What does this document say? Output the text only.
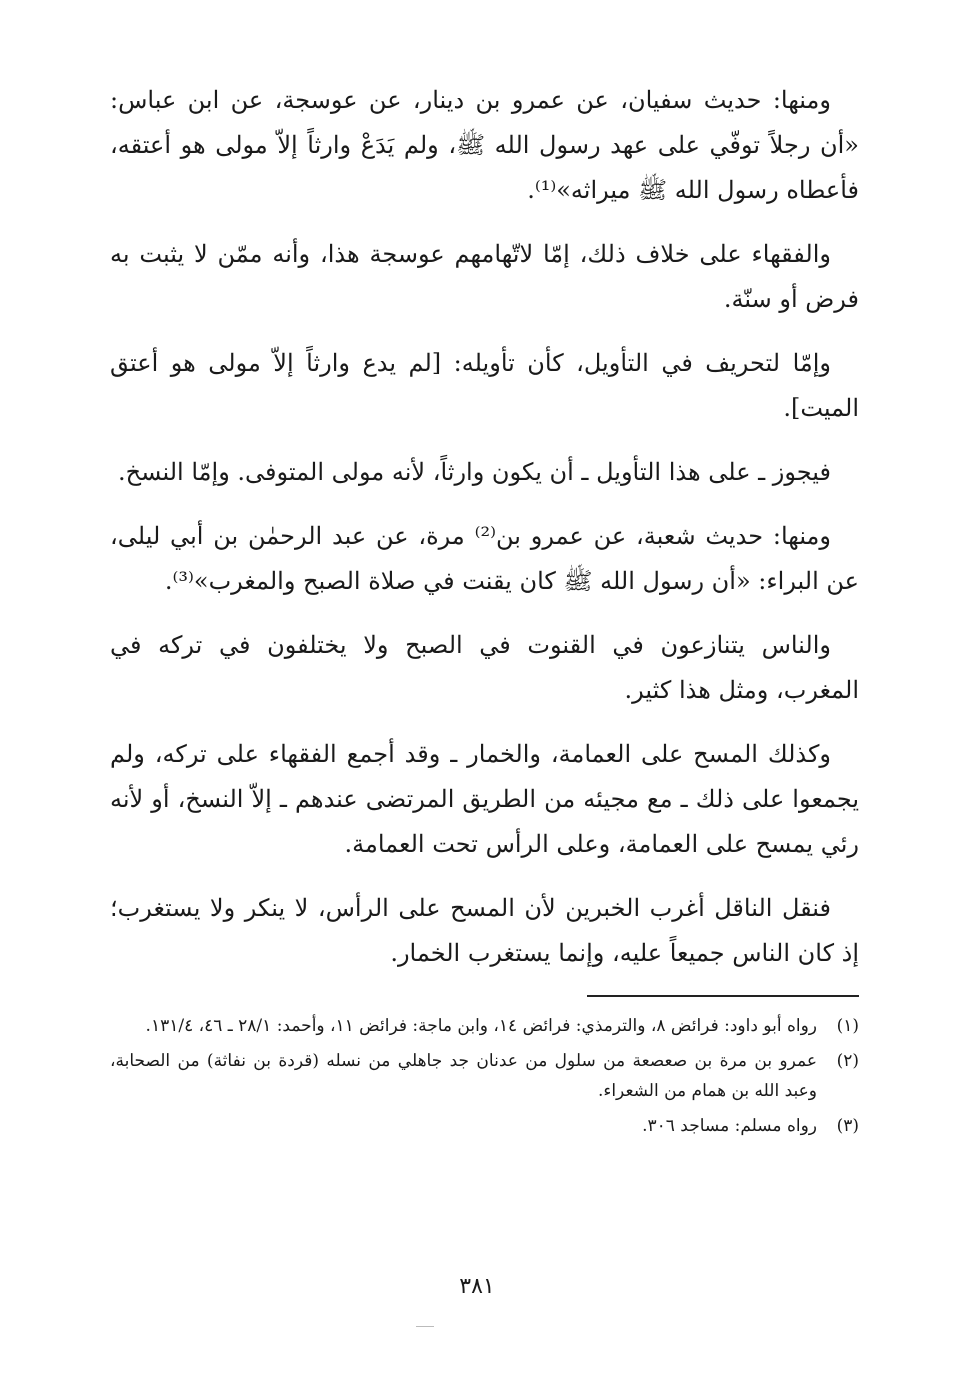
ومنها: حديث سفيان، عن عمرو بن دينار، عن عوسجة، عن ابن عباس: «أن رجلاً توفّي على عهد رسول الله ﷺ، ولم يَدَعْ وارثاً إلاّ مولى هو أعتقه، فأعطاه رسول الله ﷺ ميراثه»⁽¹⁾.

والفقهاء على خلاف ذلك، إمّا لاتّهامهم عوسجة هذا، وأنه ممّن لا يثبت به فرض أو سنّة.

وإمّا لتحريف في التأويل، كأن تأويله: [لم يدع وارثاً إلاّ مولى هو أعتق الميت].

فيجوز ـ على هذا التأويل ـ أن يكون وارثاً، لأنه مولى المتوفى. وإمّا النسخ.

ومنها: حديث شعبة، عن عمرو بن⁽²⁾ مرة، عن عبد الرحمٰن بن أبي ليلى، عن البراء: «أن رسول الله ﷺ كان يقنت في صلاة الصبح والمغرب»⁽³⁾.

والناس يتنازعون في القنوت في الصبح ولا يختلفون في تركه في المغرب، ومثل هذا كثير.

وكذلك المسح على العمامة، والخمار ـ وقد أجمع الفقهاء على تركه، ولم يجمعوا على ذلك ـ مع مجيئه من الطريق المرتضى عندهم ـ إلاّ النسخ، أو لأنه رئي يمسح على العمامة، وعلى الرأس تحت العمامة.

فنقل الناقل أغرب الخبرين لأن المسح على الرأس، لا ينكر ولا يستغرب؛ إذ كان الناس جميعاً عليه، وإنما يستغرب الخمار.

(١)
رواه أبو داود: فرائض ٨، والترمذي: فرائض ١٤، وابن ماجة: فرائض ١١، وأحمد: ٢٨/١ ـ ٤٦، ١٣١/٤.
(٢)
عمرو بن مرة بن صعصعة من سلول من عدنان جد جاهلي من نسله (قردة بن نفاثة) من الصحابة، وعبد الله بن همام من الشعراء.
(٣)
رواه مسلم: مساجد ٣٠٦.
٣٨١
